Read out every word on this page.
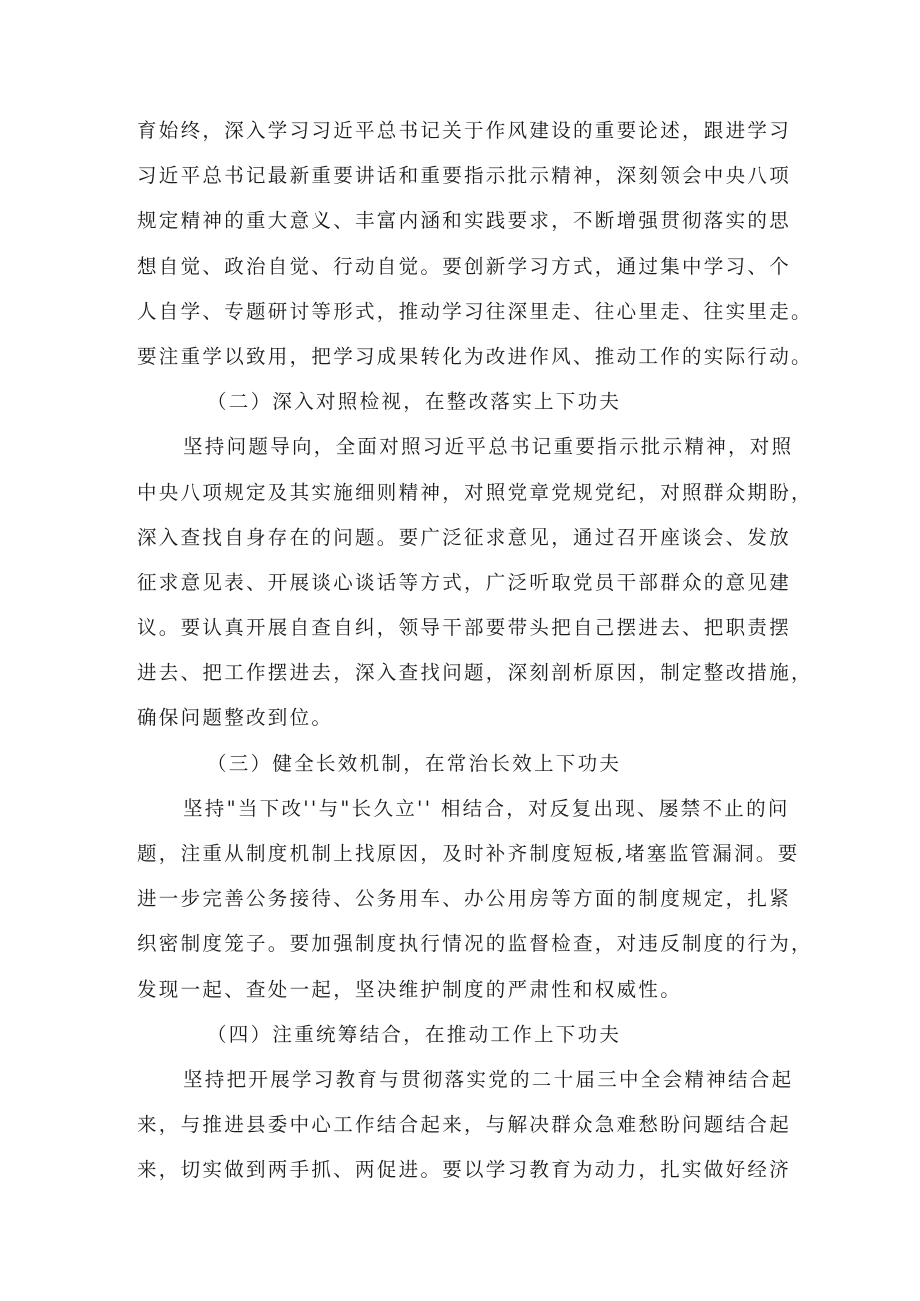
育始终，深入学习习近平总书记关于作风建设的重要论述，跟进学习
习近平总书记最新重要讲话和重要指示批示精神，深刻领会中央八项
规定精神的重大意义、丰富内涵和实践要求，不断增强贯彻落实的思
想自觉、政治自觉、行动自觉。要创新学习方式，通过集中学习、个
人自学、专题研讨等形式，推动学习往深里走、往心里走、往实里走。
要注重学以致用，把学习成果转化为改进作风、推动工作的实际行动。
（二）深入对照检视，在整改落实上下功夫
坚持问题导向，全面对照习近平总书记重要指示批示精神，对照
中央八项规定及其实施细则精神，对照党章党规党纪，对照群众期盼，
深入查找自身存在的问题。要广泛征求意见，通过召开座谈会、发放
征求意见表、开展谈心谈话等方式，广泛听取党员干部群众的意见建
议。要认真开展自查自纠，领导干部要带头把自己摆进去、把职责摆
进去、把工作摆进去，深入查找问题，深刻剖析原因，制定整改措施，
确保问题整改到位。
（三）健全长效机制，在常治长效上下功夫
坚持"当下改''与"长久立'' 相结合，对反复出现、屡禁不止的问
题，注重从制度机制上找原因，及时补齐制度短板,堵塞监管漏洞。要
进一步完善公务接待、公务用车、办公用房等方面的制度规定，扎紧
织密制度笼子。要加强制度执行情况的监督检查，对违反制度的行为，
发现一起、查处一起，坚决维护制度的严肃性和权威性。
（四）注重统筹结合，在推动工作上下功夫
坚持把开展学习教育与贯彻落实党的二十届三中全会精神结合起
来，与推进县委中心工作结合起来，与解决群众急难愁盼问题结合起
来，切实做到两手抓、两促进。要以学习教育为动力，扎实做好经济
